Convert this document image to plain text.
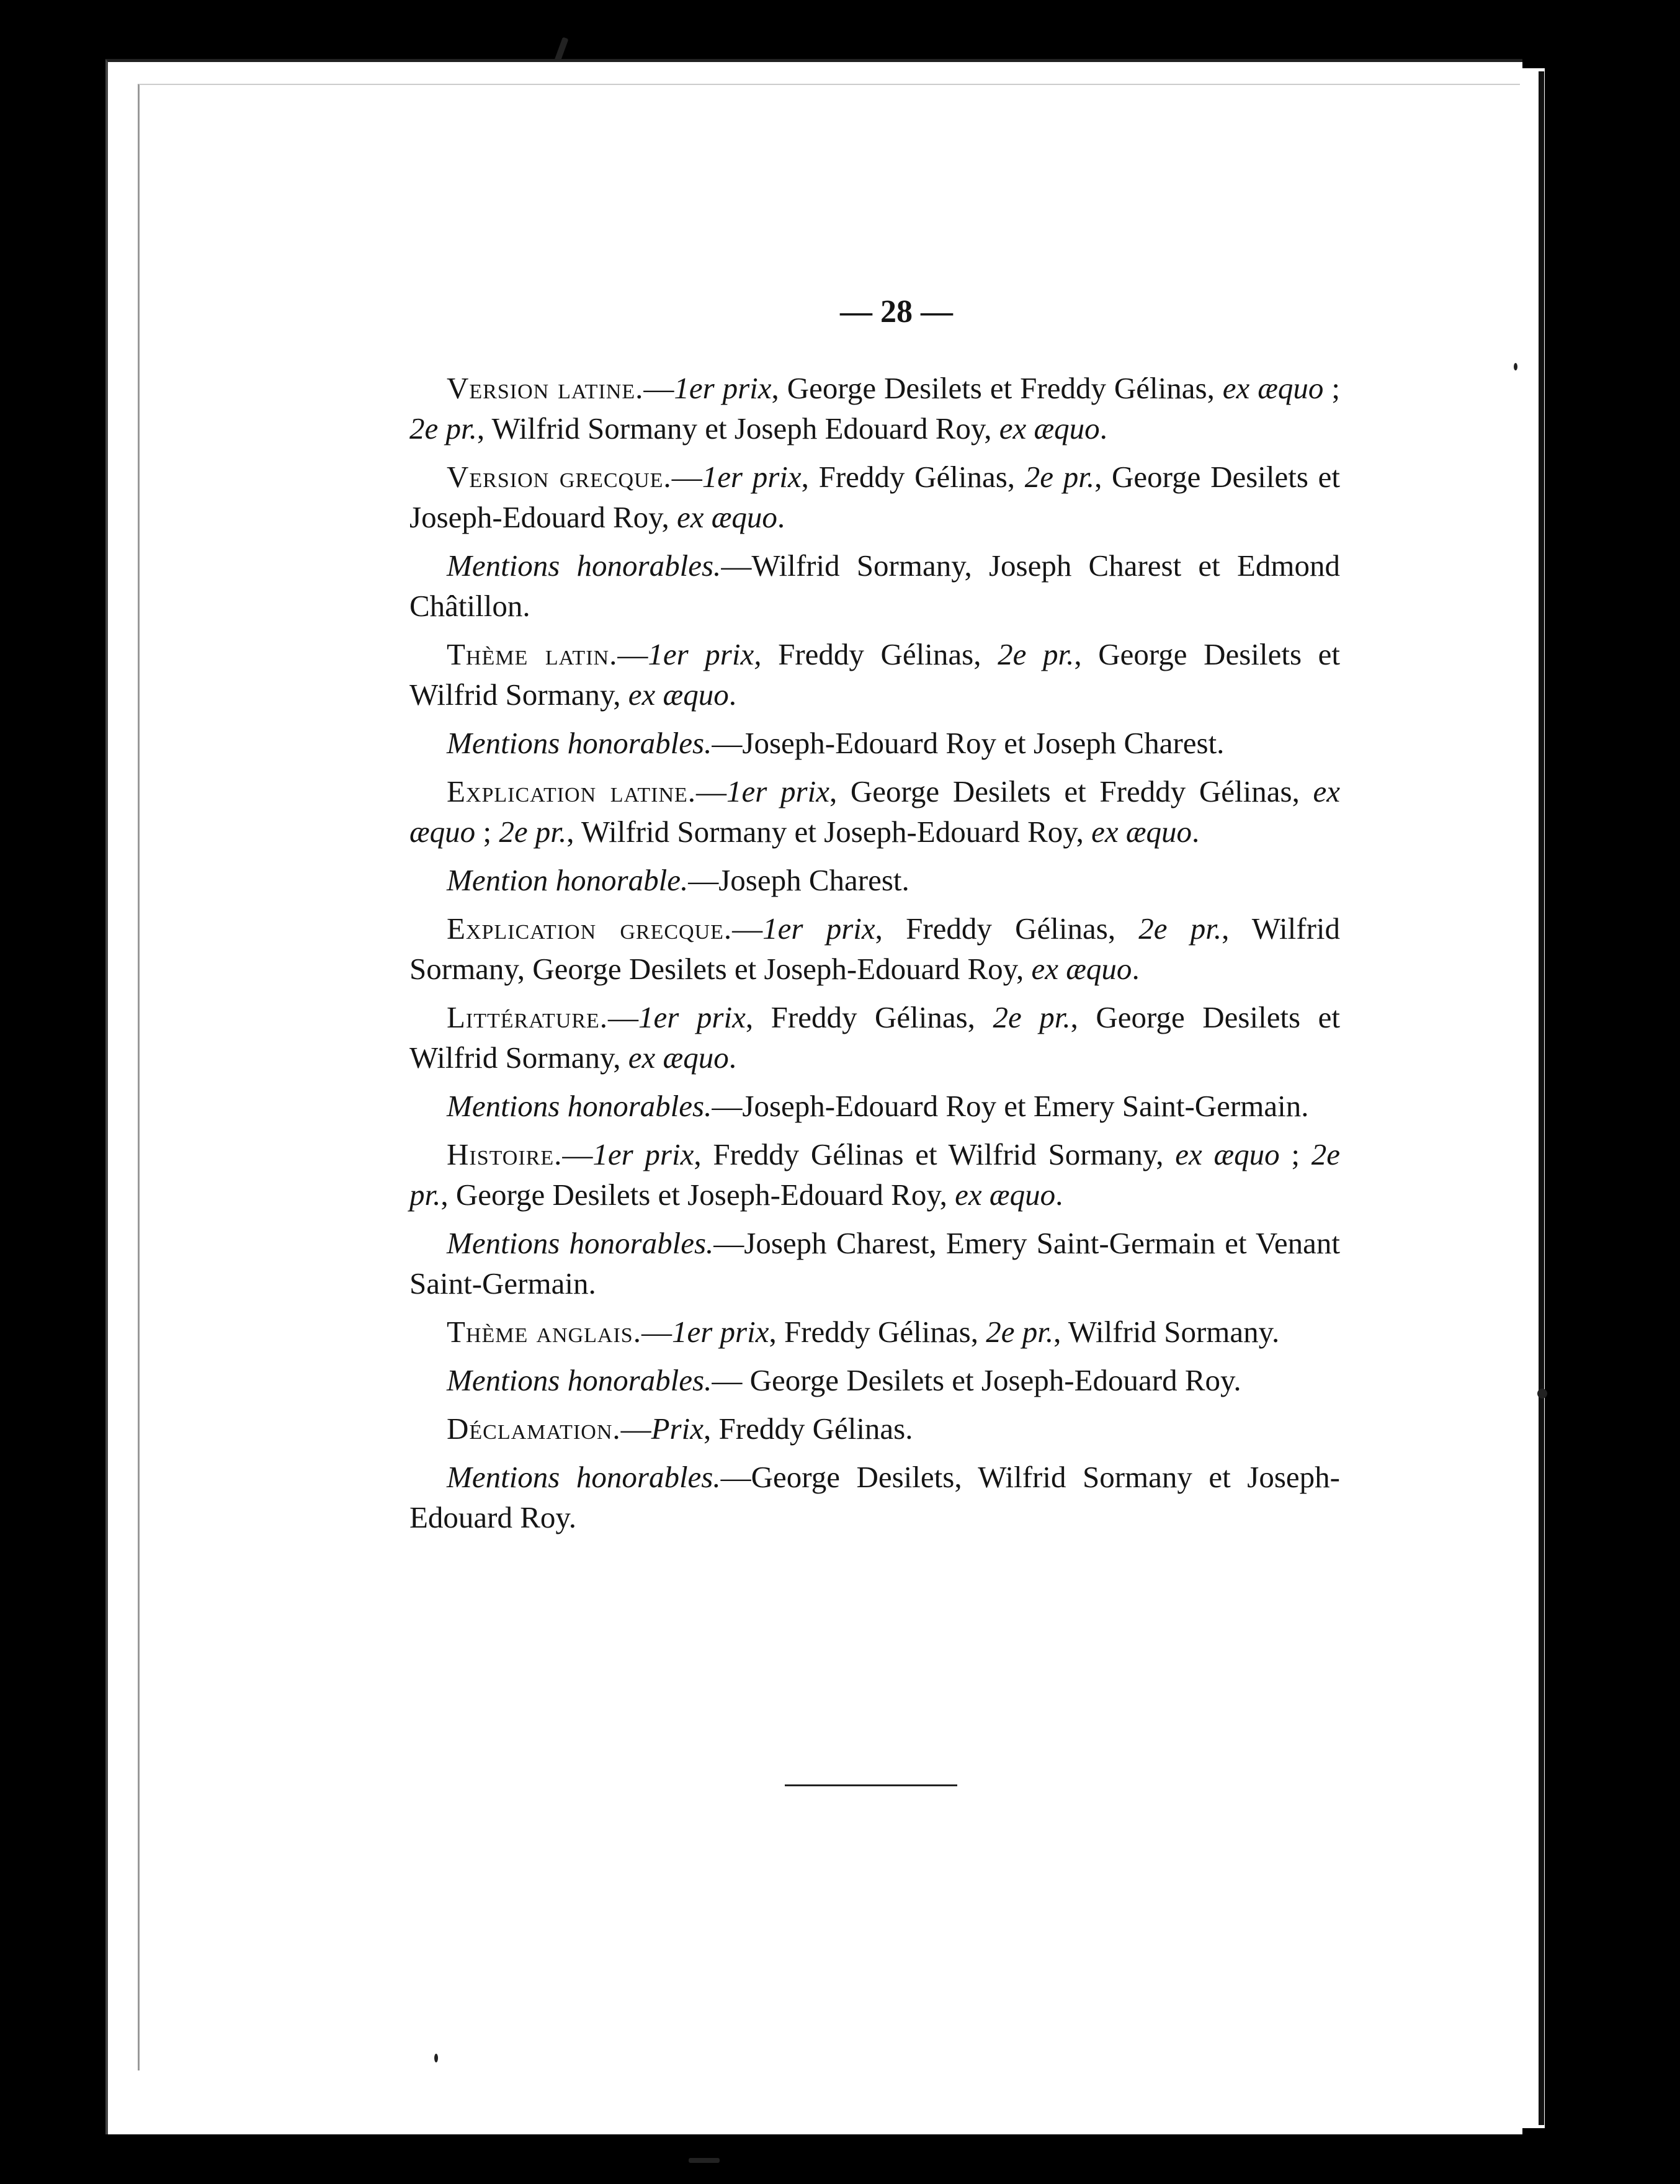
— 28 —

Version latine.—1er prix, George Desilets et Freddy Gélinas, ex æquo ; 2e pr., Wilfrid Sormany et Joseph Edouard Roy, ex æquo.

Version grecque.—1er prix, Freddy Gélinas, 2e pr., George Desilets et Joseph-Edouard Roy, ex æquo.

Mentions honorables.—Wilfrid Sormany, Joseph Charest et Edmond Châtillon.

Thème latin.—1er prix, Freddy Gélinas, 2e pr., George Desilets et Wilfrid Sormany, ex æquo.

Mentions honorables.—Joseph-Edouard Roy et Joseph Charest.

Explication latine.—1er prix, George Desilets et Freddy Gélinas, ex æquo ; 2e pr., Wilfrid Sormany et Joseph-Edouard Roy, ex æquo.

Mention honorable.—Joseph Charest.

Explication grecque.—1er prix, Freddy Gélinas, 2e pr., Wilfrid Sormany, George Desilets et Joseph-Edouard Roy, ex æquo.

Littérature.—1er prix, Freddy Gélinas, 2e pr., George Desilets et Wilfrid Sormany, ex æquo.

Mentions honorables.—Joseph-Edouard Roy et Emery Saint-Germain.

Histoire.—1er prix, Freddy Gélinas et Wilfrid Sormany, ex æquo ; 2e pr., George Desilets et Joseph-Edouard Roy, ex æquo.

Mentions honorables.—Joseph Charest, Emery Saint-Germain et Venant Saint-Germain.

Thème anglais.—1er prix, Freddy Gélinas, 2e pr., Wilfrid Sormany.

Mentions honorables.— George Desilets et Joseph-Edouard Roy.

Déclamation.—Prix, Freddy Gélinas.

Mentions honorables.—George Desilets, Wilfrid Sormany et Joseph-Edouard Roy.
